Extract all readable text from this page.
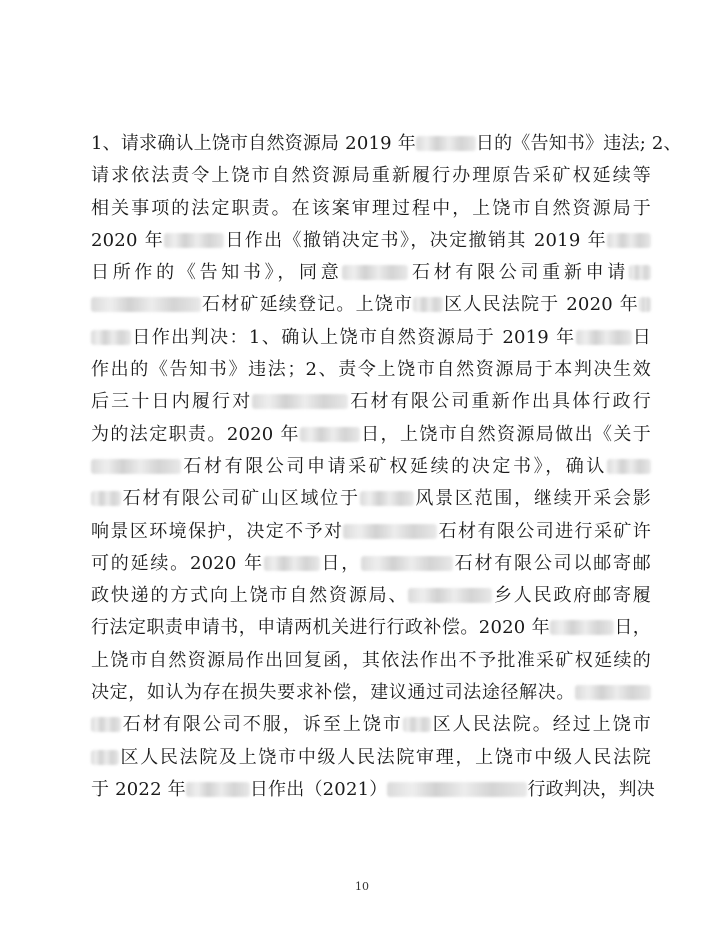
1、请求确认上饶市自然资源局 2019 年	日的《告知书》违法; 2、
请求依法责令上饶市自然资源局重新履行办理原告采矿权延续等
相关事项的法定职责。在该案审理过程中，上饶市自然资源局于
2020 年	日作出《撤销决定书》，决定撤销其 2019 年
日所作的《告知书》，同意	石材有限公司重新申请
石材矿延续登记。上饶市 区人民法院于 2020 年
日作出判决：1、确认上饶市自然资源局于 2019 年	日
作出的《告知书》违法；2、责令上饶市自然资源局于本判决生效
后三十日内履行对	石材有限公司重新作出具体行政行
为的法定职责。2020 年	日，上饶市自然资源局做出《关于
石材有限公司申请采矿权延续的决定书》，确认
石材有限公司矿山区域位于	风景区范围，继续开采会影
响景区环境保护，决定不予对	石材有限公司进行采矿许
可的延续。2020 年	日，	石材有限公司以邮寄邮
政快递的方式向上饶市自然资源局、	乡人民政府邮寄履
行法定职责申请书，申请两机关进行行政补偿。2020 年	日，
上饶市自然资源局作出回复函，其依法作出不予批准采矿权延续的
决定，如认为存在损失要求补偿，建议通过司法途径解决。
石材有限公司不服，诉至上饶市 区人民法院。经过上饶市
区人民法院及上饶市中级人民法院审理，上饶市中级人民法院
于 2022 年	日作出（2021）	行政判决，判决
10
